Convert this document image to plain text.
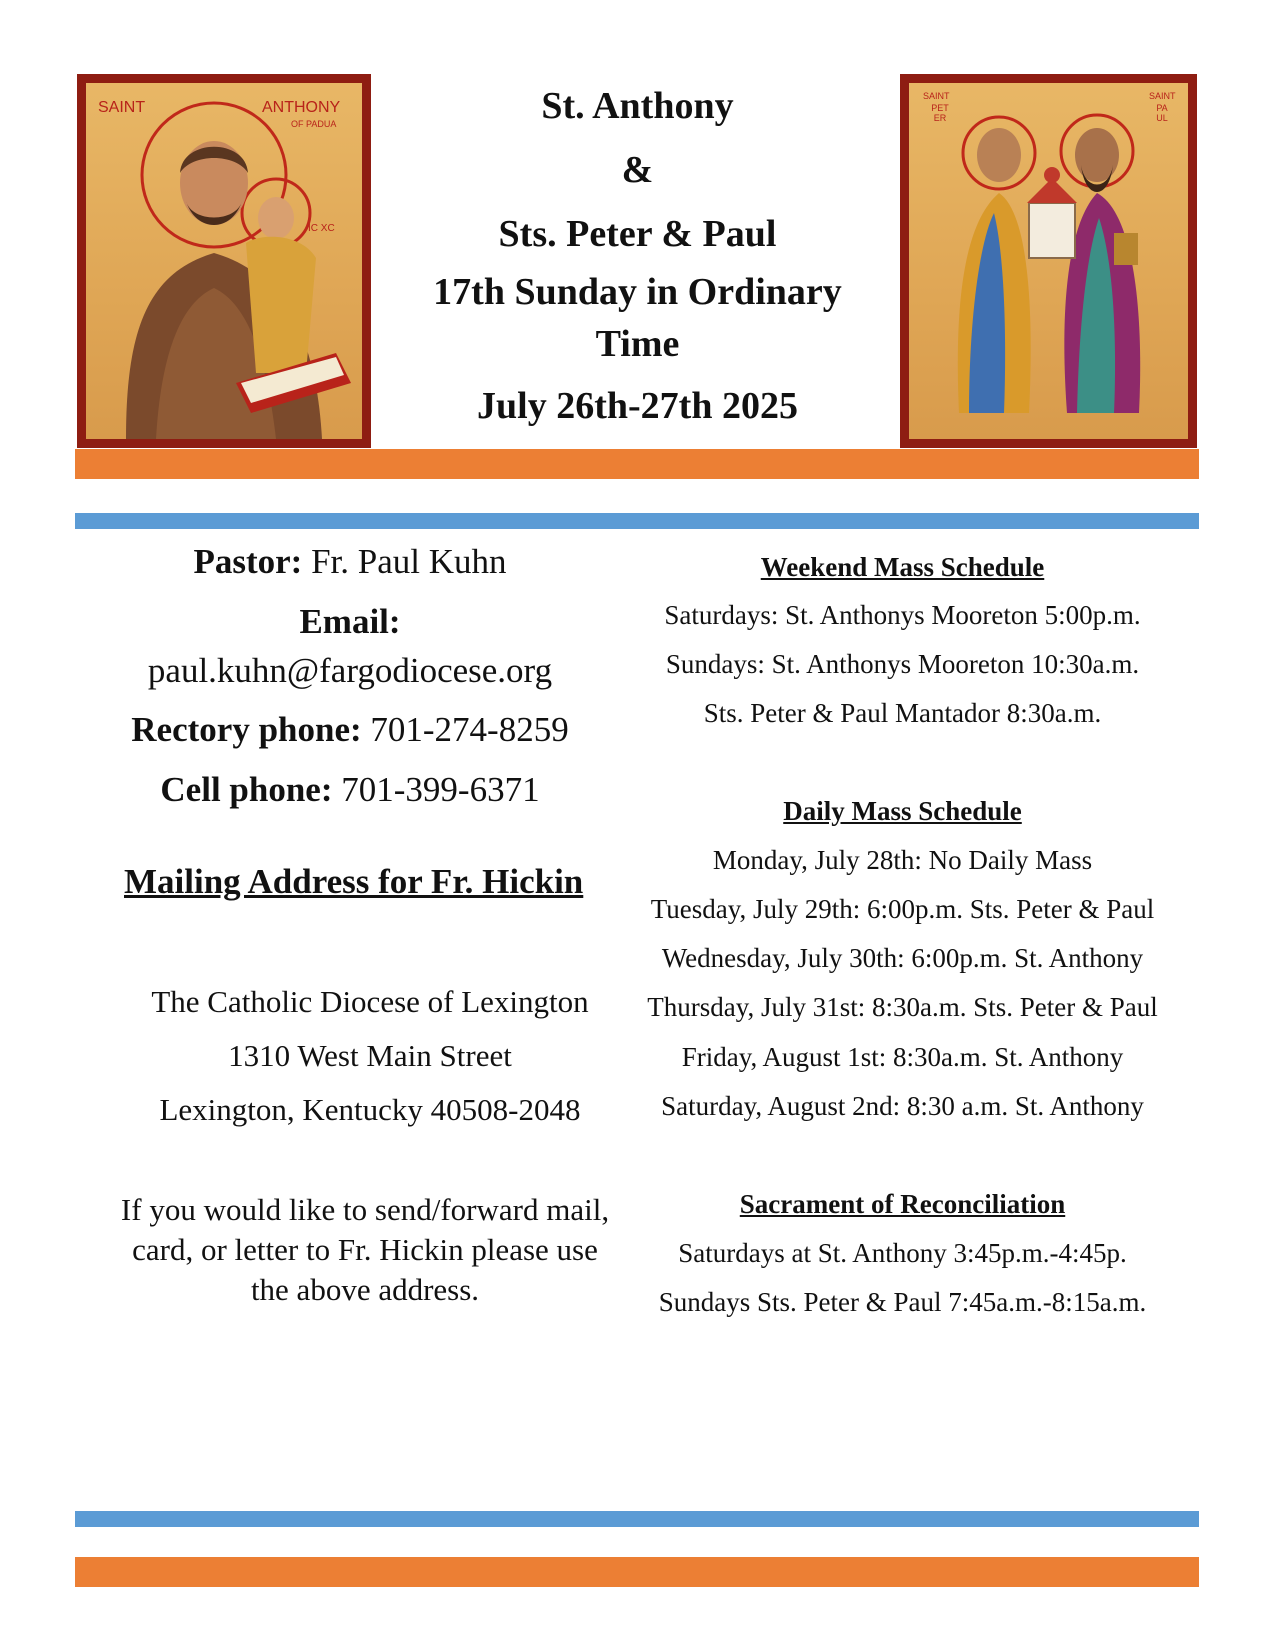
SAINT	ANTHONY
OF PADUA
IC XC
St. Anthony
&
Sts. Peter & Paul
17th Sunday in Ordinary
Time
July 26th-27th 2025
SAINT
PETER
SAINT
PAUL
Pastor: Fr. Paul Kuhn
Email:
paul.kuhn@fargodiocese.org
Rectory phone: 701-274-8259
Cell phone: 701-399-6371
Mailing Address for Fr. Hickin
The Catholic Diocese of Lexington
1310 West Main Street
Lexington, Kentucky 40508-2048
If you would like to send/forward mail, card, or letter to Fr. Hickin please use the above address.
Weekend Mass Schedule
Saturdays: St. Anthonys Mooreton 5:00p.m.
Sundays: St. Anthonys Mooreton 10:30a.m.
Sts. Peter & Paul Mantador 8:30a.m.
Daily Mass Schedule
Monday, July 28th: No Daily Mass
Tuesday, July 29th: 6:00p.m. Sts. Peter & Paul
Wednesday, July 30th: 6:00p.m. St. Anthony
Thursday, July 31st: 8:30a.m. Sts. Peter & Paul
Friday, August 1st: 8:30a.m. St. Anthony
Saturday, August 2nd: 8:30 a.m. St. Anthony
Sacrament of Reconciliation
Saturdays at St. Anthony 3:45p.m.-4:45p.
Sundays Sts. Peter & Paul 7:45a.m.-8:15a.m.
